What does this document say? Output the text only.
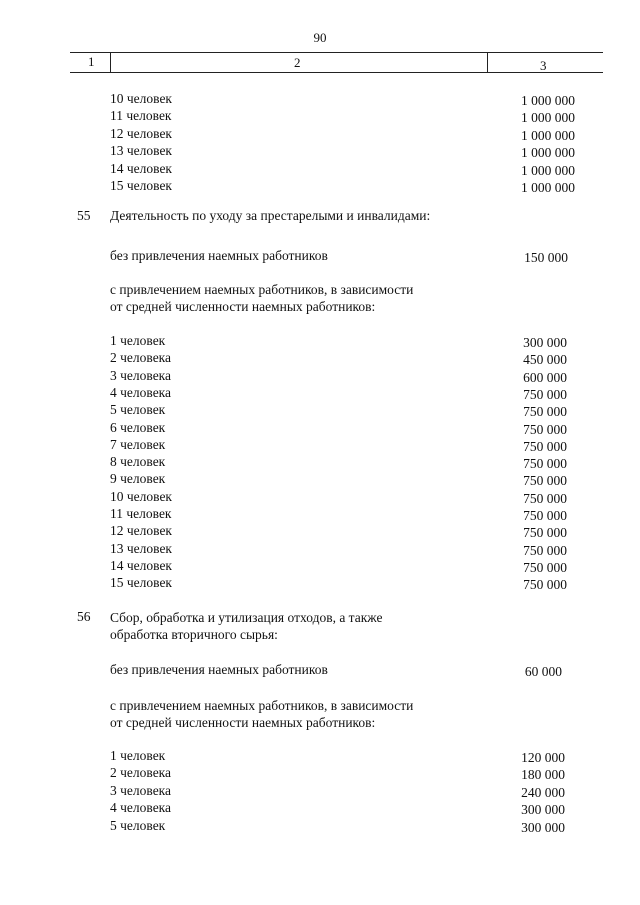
90
1	2	3
10 человек	1 000 000
11 человек	1 000 000
12 человек	1 000 000
13 человек	1 000 000
14 человек	1 000 000
15 человек	1 000 000
55 Деятельность по уходу за престарелыми и инвалидами:
без привлечения наемных работников	150 000
с привлечением наемных работников, в зависимости
от средней численности наемных работников:
1 человек	300 000
2 человека	450 000
3 человека	600 000
4 человека	750 000
5 человек	750 000
6 человек	750 000
7 человек	750 000
8 человек	750 000
9 человек	750 000
10 человек	750 000
11 человек	750 000
12 человек	750 000
13 человек	750 000
14 человек	750 000
15 человек	750 000
56 Сбор, обработка и утилизация отходов, а также
обработка вторичного сырья:
без привлечения наемных работников	60 000
с привлечением наемных работников, в зависимости
от средней численности наемных работников:
1 человек	120 000
2 человека	180 000
3 человека	240 000
4 человека	300 000
5 человек	300 000
